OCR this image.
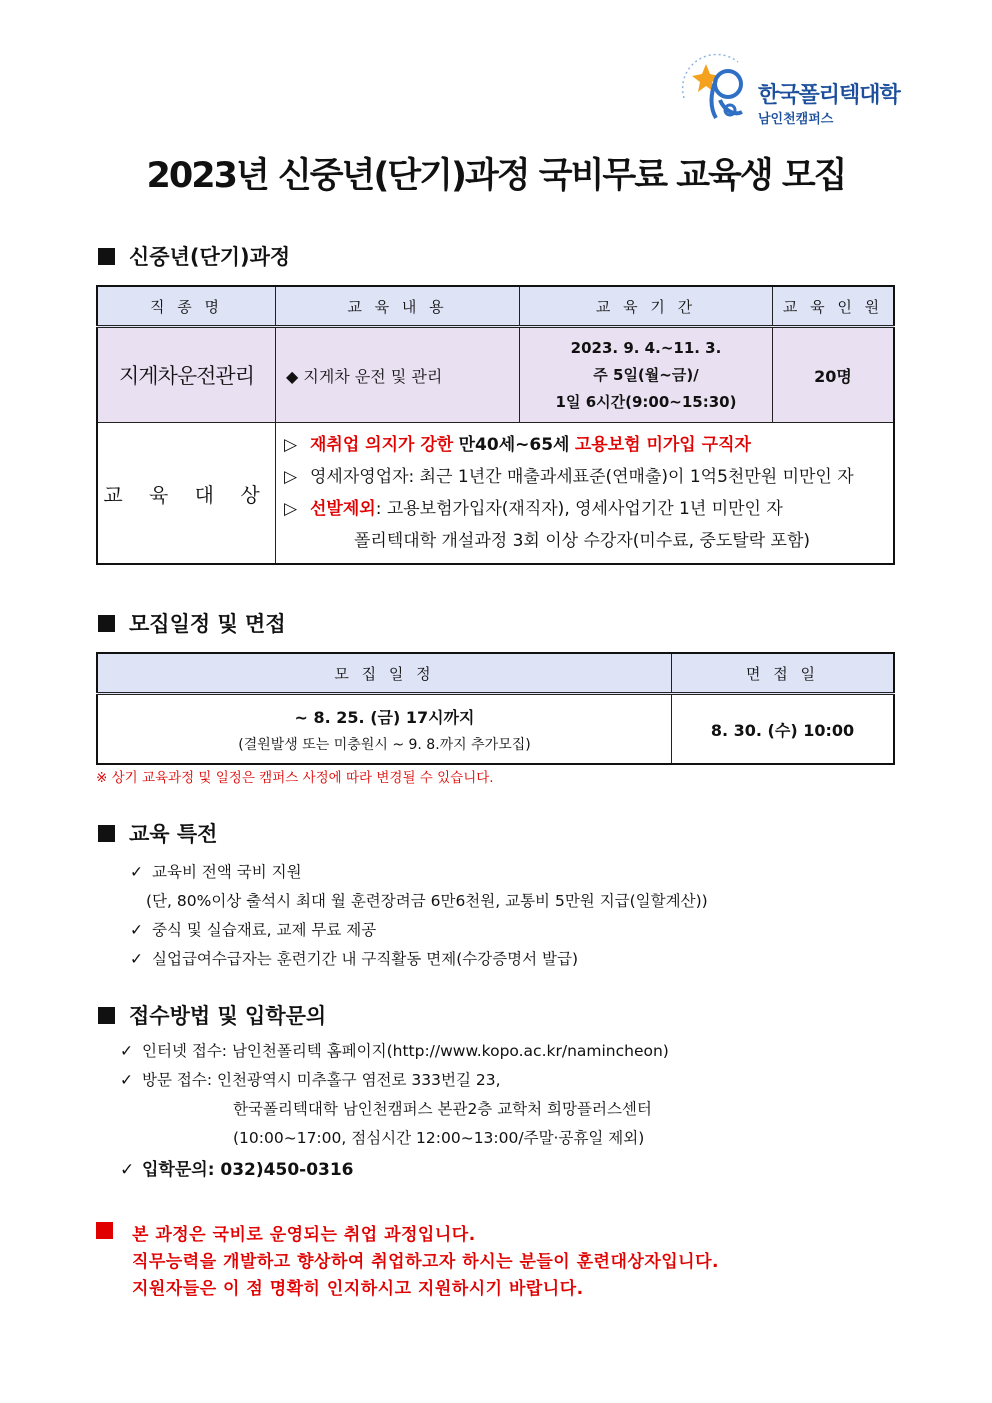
한국폴리텍대학
남인천캠퍼스
2023년 신중년(단기)과정 국비무료 교육생 모집
신중년(단기)과정
직 종 명	교 육 내 용	교 육 기 간	교 육 인 원
지게차운전관리	◆ 지게차 운전 및 관리	2023. 9. 4.~11. 3.
주 5일(월~금)/
1일 6시간(9:00~15:30)	20명
교 육 대 상	▷ 재취업 의지가 강한 만40세~65세 고용보험 미가입 구직자
▷ 영세자영업자: 최근 1년간 매출과세표준(연매출)이 1억5천만원 미만인 자
▷ 선발제외: 고용보험가입자(재직자), 영세사업기간 1년 미만인 자
폴리텍대학 개설과정 3회 이상 수강자(미수료, 중도탈락 포함)		
모집일정 및 면접
모 집 일 정	면 접 일

~ 8. 25. (금) 17시까지
(결원발생 또는 미충원시 ~ 9. 8.까지 추가모집)	8. 30. (수) 10:00
※ 상기 교육과정 및 일정은 캠퍼스 사정에 따라 변경될 수 있습니다.
교육 특전
✓ 교육비 전액 국비 지원
(단, 80%이상 출석시 최대 월 훈련장려금 6만6천원, 교통비 5만원 지급(일할계산))
✓ 중식 및 실습재료, 교제 무료 제공
✓ 실업급여수급자는 훈련기간 내 구직활동 면제(수강증명서 발급)
접수방법 및 입학문의
✓ 인터넷 접수: 남인천폴리텍 홈페이지(http://www.kopo.ac.kr/namincheon)
✓ 방문 접수: 인천광역시 미추홀구 염전로 333번길 23,
한국폴리텍대학 남인천캠퍼스 본관2층 교학처 희망플러스센터
(10:00~17:00, 점심시간 12:00~13:00/주말·공휴일 제외)
✓ 입학문의: 032)450-0316
본 과정은 국비로 운영되는 취업 과정입니다.
직무능력을 개발하고 향상하여 취업하고자 하시는 분들이 훈련대상자입니다.
지원자들은 이 점 명확히 인지하시고 지원하시기 바랍니다.
